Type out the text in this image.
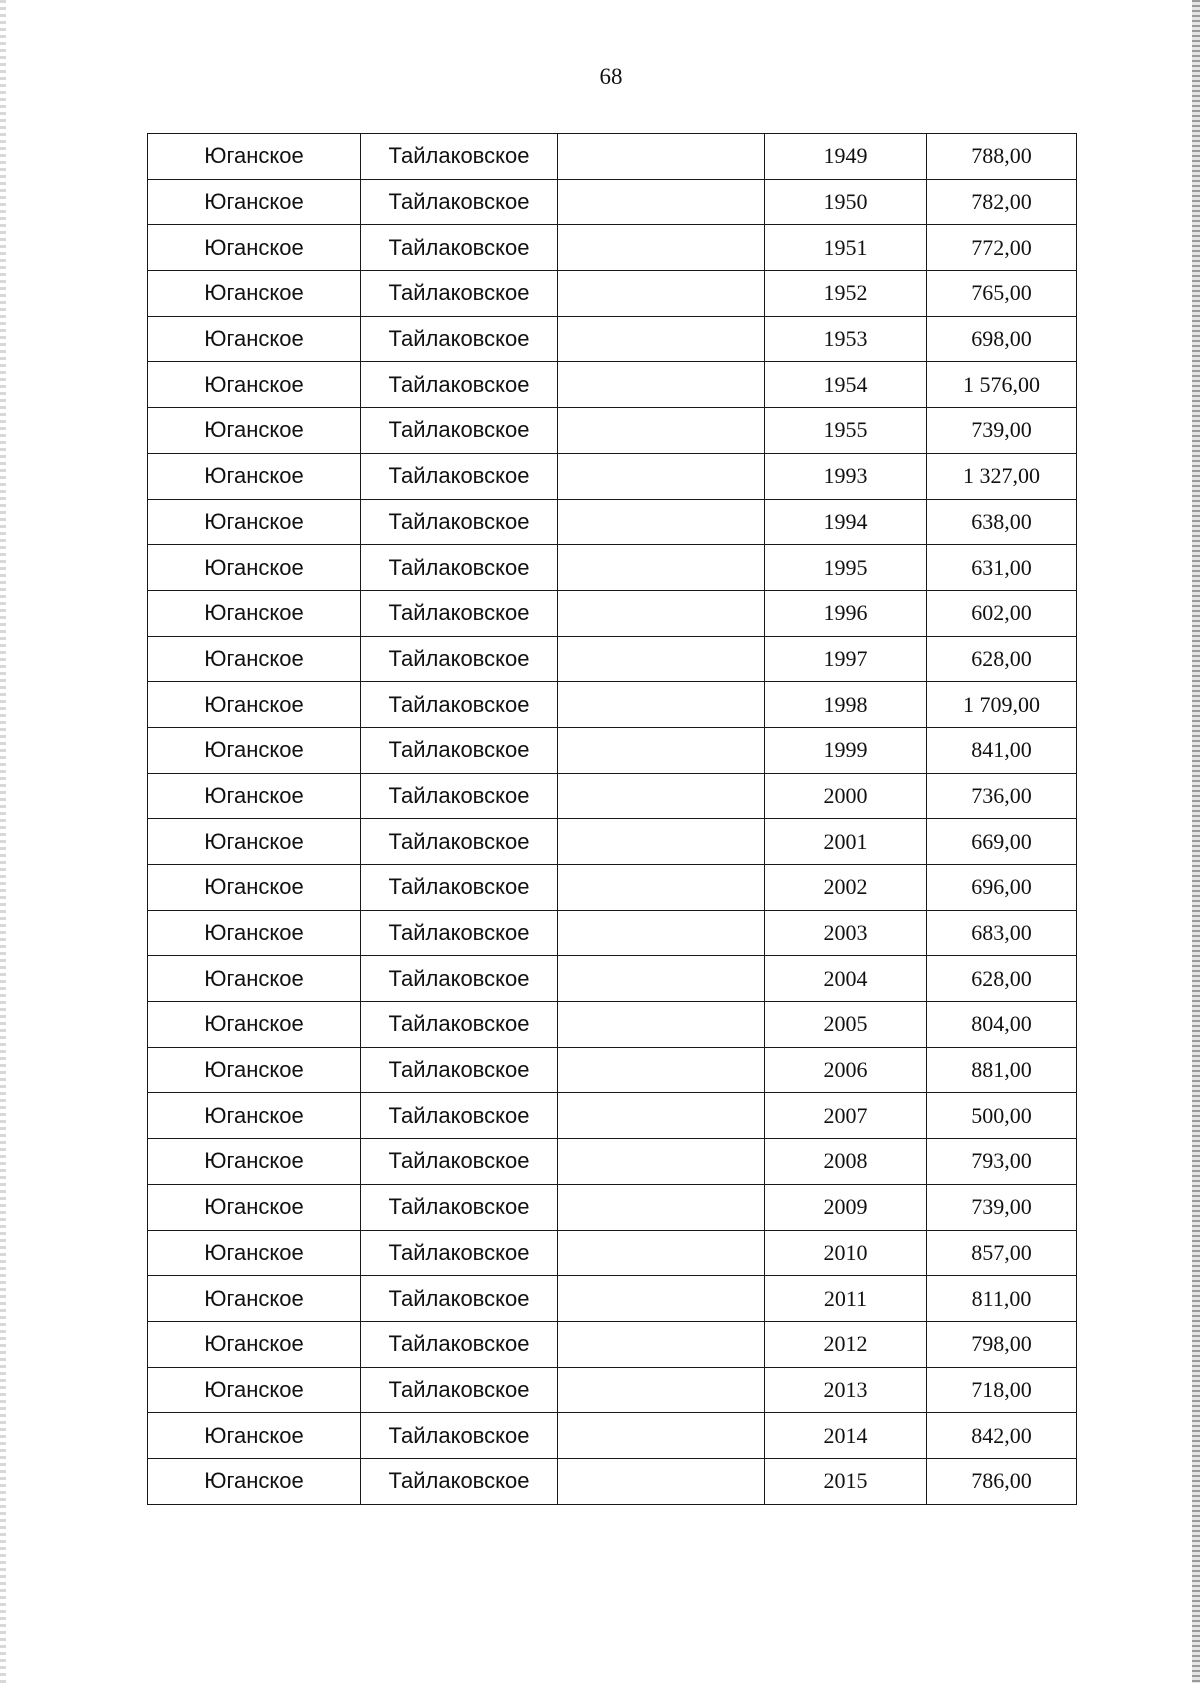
68
Юганское	Тайлаковское		1949	788,00
Юганское	Тайлаковское		1950	782,00
Юганское	Тайлаковское		1951	772,00
Юганское	Тайлаковское		1952	765,00
Юганское	Тайлаковское		1953	698,00
Юганское	Тайлаковское		1954	1 576,00
Юганское	Тайлаковское		1955	739,00
Юганское	Тайлаковское		1993	1 327,00
Юганское	Тайлаковское		1994	638,00
Юганское	Тайлаковское		1995	631,00
Юганское	Тайлаковское		1996	602,00
Юганское	Тайлаковское		1997	628,00
Юганское	Тайлаковское		1998	1 709,00
Юганское	Тайлаковское		1999	841,00
Юганское	Тайлаковское		2000	736,00
Юганское	Тайлаковское		2001	669,00
Юганское	Тайлаковское		2002	696,00
Юганское	Тайлаковское		2003	683,00
Юганское	Тайлаковское		2004	628,00
Юганское	Тайлаковское		2005	804,00
Юганское	Тайлаковское		2006	881,00
Юганское	Тайлаковское		2007	500,00
Юганское	Тайлаковское		2008	793,00
Юганское	Тайлаковское		2009	739,00
Юганское	Тайлаковское		2010	857,00
Юганское	Тайлаковское		2011	811,00
Юганское	Тайлаковское		2012	798,00
Юганское	Тайлаковское		2013	718,00
Юганское	Тайлаковское		2014	842,00
Юганское	Тайлаковское		2015	786,00
